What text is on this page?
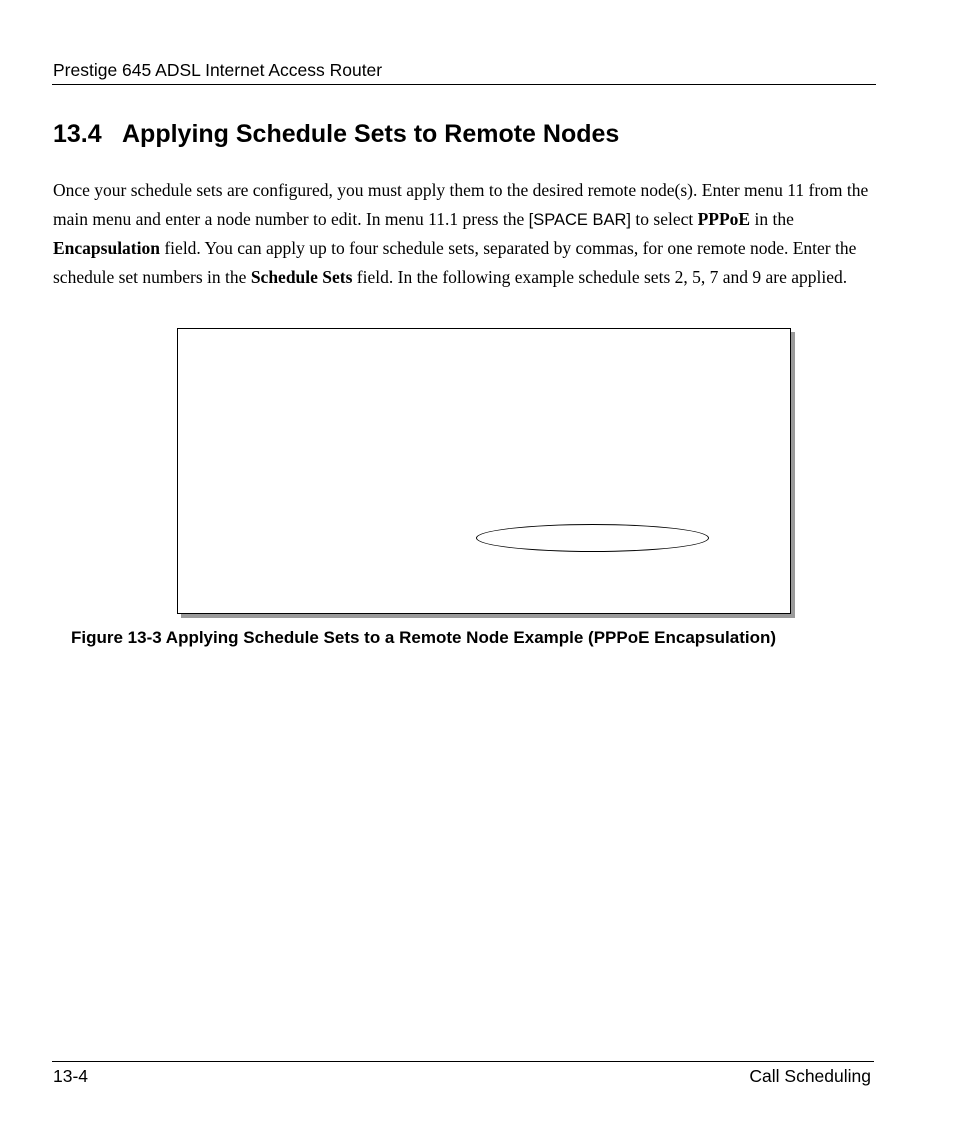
Prestige 645 ADSL Internet Access Router
13.4 Applying Schedule Sets to Remote Nodes

Once your schedule sets are configured, you must apply them to the desired remote node(s). Enter menu 11 from the main menu and enter a node number to edit. In menu 11.1 press the [SPACE BAR] to select PPPoE in the Encapsulation field. You can apply up to four schedule sets, separated by commas, for one remote node. Enter the schedule set numbers in the Schedule Sets field. In the following example schedule sets 2, 5, 7 and 9 are applied.

Figure 13-3 Applying Schedule Sets to a Remote Node Example (PPPoE Encapsulation)

13-4	Call Scheduling
